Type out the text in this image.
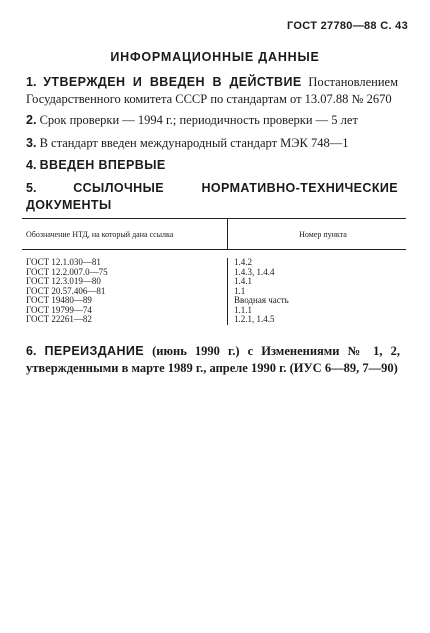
ГОСТ 27780—88 С. 43
ИНФОРМАЦИОННЫЕ ДАННЫЕ
1. УТВЕРЖДЕН И ВВЕДЕН В ДЕЙСТВИЕ Постановлением Государственного комитета СССР по стандартам от 13.07.88 № 2670
2. Срок проверки — 1994 г.; периодичность проверки — 5 лет
3. В стандарт введен международный стандарт МЭК 748—1
4. ВВЕДЕН ВПЕРВЫЕ
5.	ССЫЛОЧНЫЕ НОРМАТИВНО-ТЕХНИЧЕСКИЕ ДОКУМЕНТЫ
Обозначение НТД, на который дана ссылка	Номер пункта
ГОСТ 12.1.030—81
ГОСТ 12.2.007.0—75
ГОСТ 12.3.019—80
ГОСТ 20.57.406—81
ГОСТ 19480—89
ГОСТ 19799—74
ГОСТ 22261—82
1.4.2
1.4.3, 1.4.4
1.4.1
1.1
Вводная часть
1.1.1
1.2.1, 1.4.5
6. ПЕРЕИЗДАНИЕ (июнь 1990 г.) с Изменениями № 1, 2, утвержденными в марте 1989 г., апреле 1990 г. (ИУС 6—89, 7—90)
